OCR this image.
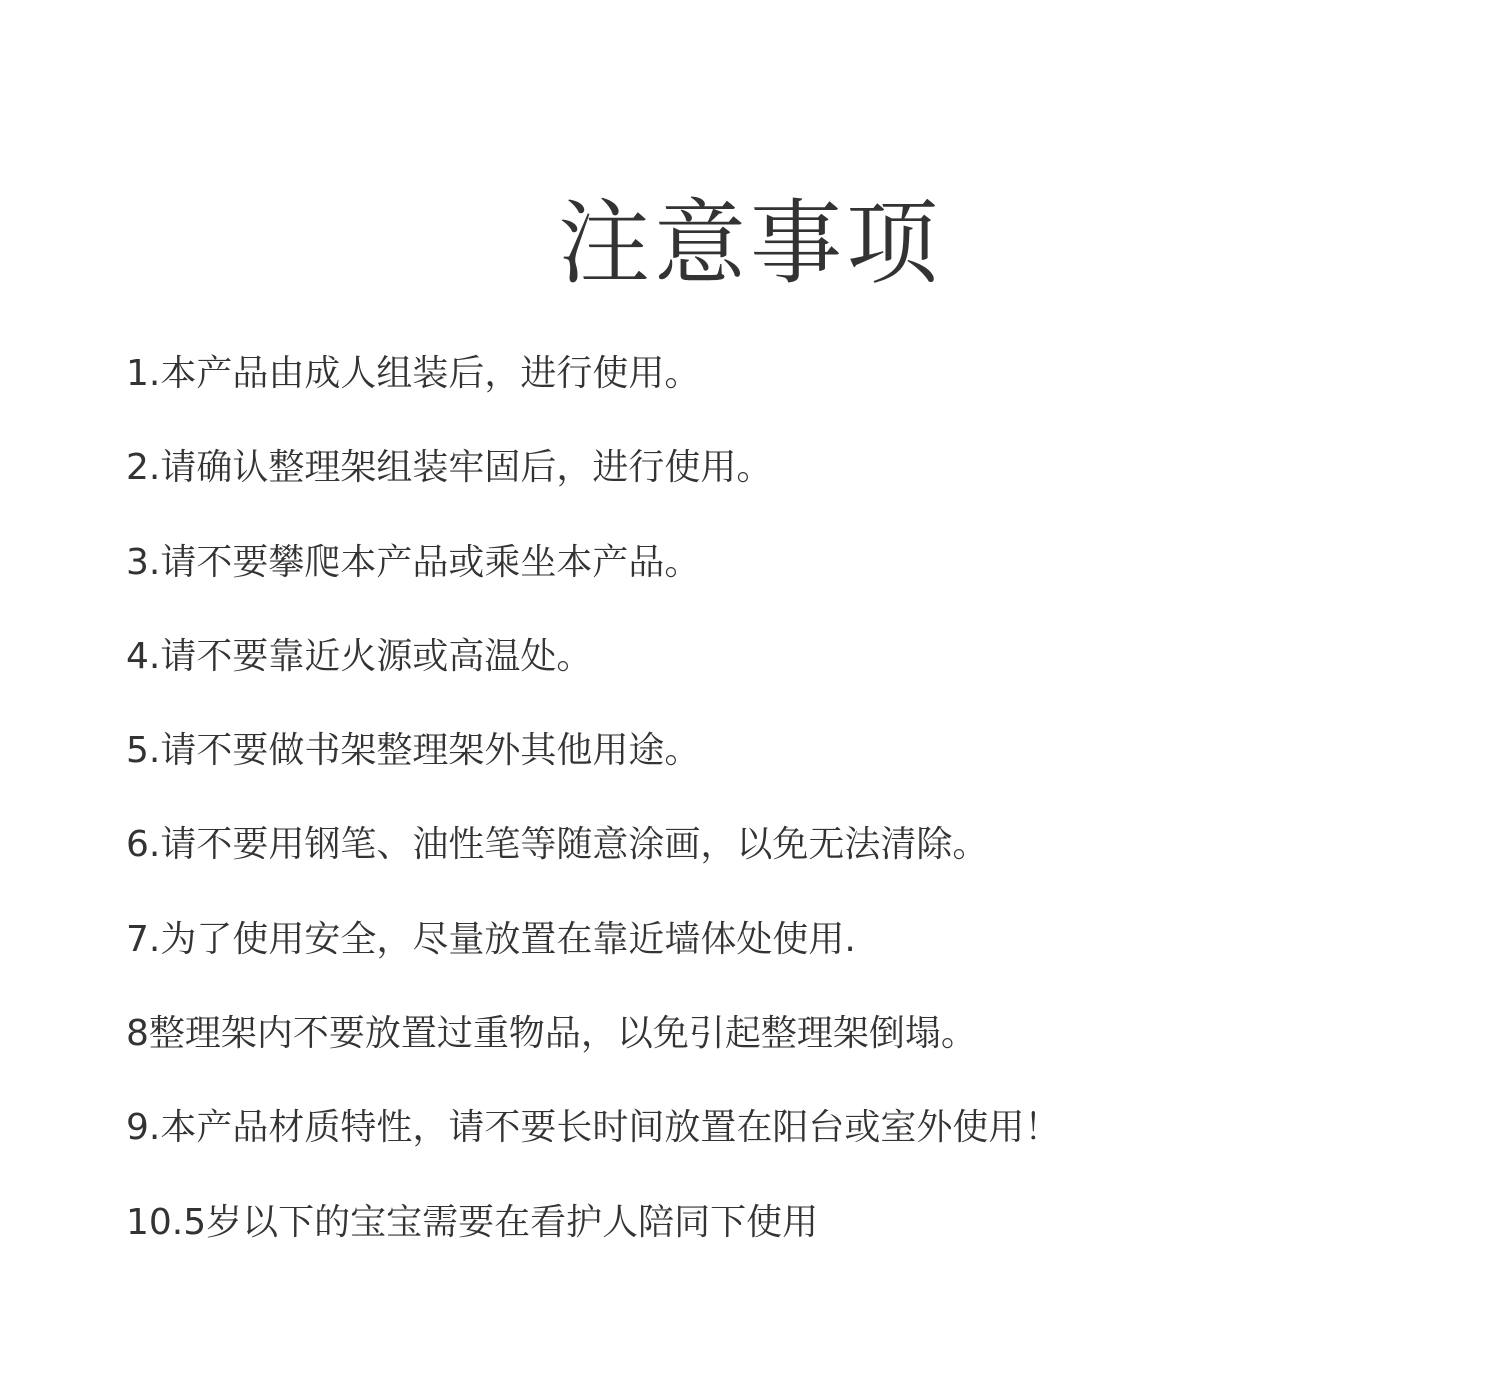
注意事项
1.本产品由成人组装后，进行使用。
2.请确认整理架组装牢固后，进行使用。
3.请不要攀爬本产品或乘坐本产品。
4.请不要靠近火源或高温处。
5.请不要做书架整理架外其他用途。
6.请不要用钢笔、油性笔等随意涂画，以免无法清除。
7.为了使用安全，尽量放置在靠近墙体处使用.
8整理架内不要放置过重物品，以免引起整理架倒塌。
9.本产品材质特性，请不要长时间放置在阳台或室外使用！
10.5岁以下的宝宝需要在看护人陪同下使用
